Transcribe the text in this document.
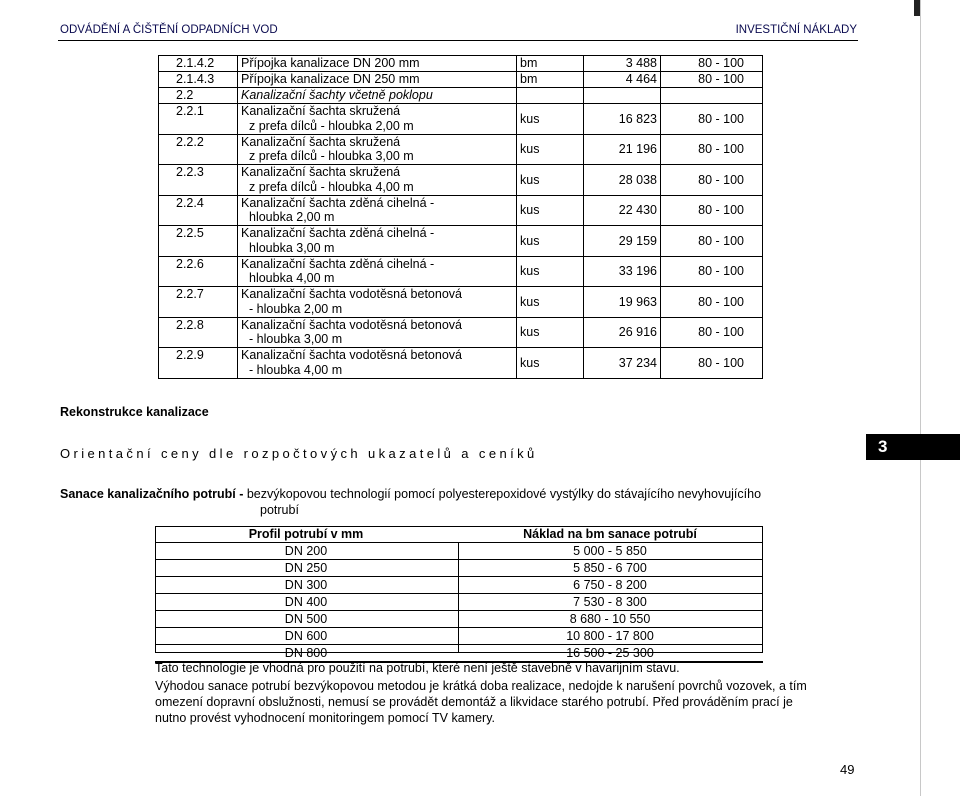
ODVÁDĚNÍ A ČIŠTĚNÍ ODPADNÍCH VOD	INVESTIČNÍ NÁKLADY
2.1.4.2	Přípojka kanalizace DN 200 mm	bm	3 488	80 - 100
2.1.4.3	Přípojka kanalizace DN 250 mm	bm	4 464	80 - 100
2.2	Kanalizační šachty včetně poklopu			

2.2.1	Kanalizační šachta skružená
z prefa dílců - hloubka 2,00 m	kus	16 823	80 - 100
2.2.2	Kanalizační šachta skružená
z prefa dílců - hloubka 3,00 m	kus	21 196	80 - 100
2.2.3	Kanalizační šachta skružená
z prefa dílců - hloubka 4,00 m	kus	28 038	80 - 100
2.2.4	Kanalizační šachta zděná cihelná -
hloubka 2,00 m	kus	22 430	80 - 100
2.2.5	Kanalizační šachta zděná cihelná -
hloubka 3,00 m	kus	29 159	80 - 100
2.2.6	Kanalizační šachta zděná cihelná -
hloubka 4,00 m	kus	33 196	80 - 100
2.2.7	Kanalizační šachta vodotěsná betonová
- hloubka 2,00 m	kus	19 963	80 - 100
2.2.8	Kanalizační šachta vodotěsná betonová
- hloubka 3,00 m	kus	26 916	80 - 100
2.2.9	Kanalizační šachta vodotěsná betonová
- hloubka 4,00 m	kus	37 234	80 - 100
Rekonstrukce kanalizace
Orientační ceny dle rozpočtových ukazatelů a ceníků	3
Sanace kanalizačního potrubí - bezvýkopovou technologií pomocí polyesterepoxidové vystýlky do stávajícího nevyhovujícího
potrubí
Profil potrubí v mm	Náklad na bm sanace potrubí
DN 200	5 000 - 5 850
DN 250	5 850 - 6 700
DN 300	6 750 - 8 200
DN 400	7 530 - 8 300
DN 500	8 680 - 10 550
DN 600	10 800 - 17 800
DN 800	16 500 - 25 300
Tato technologie je vhodná pro použití na potrubí, které není ještě stavebně v havarijním stavu.
Výhodou sanace potrubí bezvýkopovou metodou je krátká doba realizace, nedojde k narušení povrchů vozovek, a tím
omezení dopravní obslužnosti, nemusí se provádět demontáž a likvidace starého potrubí. Před prováděním prací je
nutno provést vyhodnocení monitoringem pomocí TV kamery.
49
